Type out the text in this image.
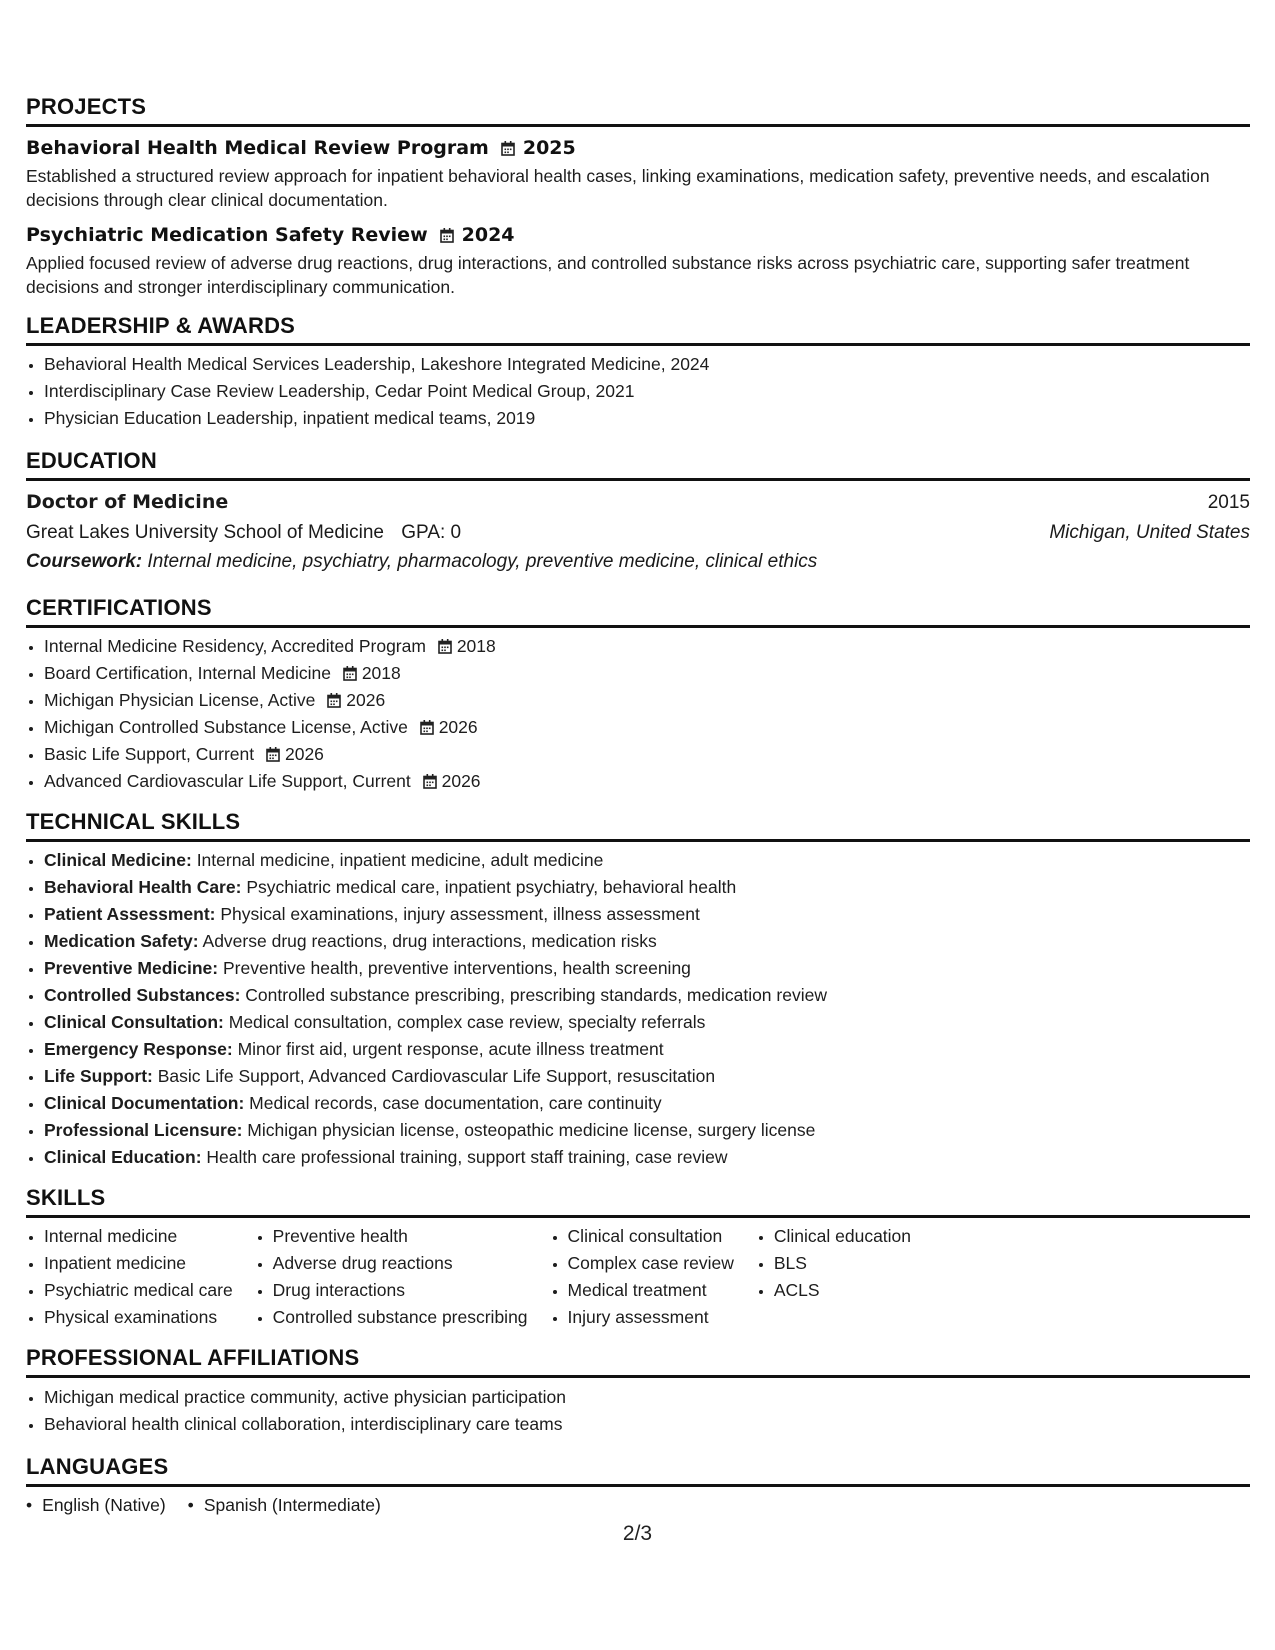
PROJECTS
Behavioral Health Medical Review Program 2025

Established a structured review approach for inpatient behavioral health cases, linking examinations, medication safety, preventive needs, and escalation decisions through clear clinical documentation.

Psychiatric Medication Safety Review 2024

Applied focused review of adverse drug reactions, drug interactions, and controlled substance risks across psychiatric care, supporting safer treatment decisions and stronger interdisciplinary communication.

LEADERSHIP & AWARDS
• Behavioral Health Medical Services Leadership, Lakeshore Integrated Medicine, 2024
• Interdisciplinary Case Review Leadership, Cedar Point Medical Group, 2021
• Physician Education Leadership, inpatient medical teams, 2019
EDUCATION
Doctor of Medicine	2015
Great Lakes University School of Medicine GPA: 0	Michigan, United States
Coursework: Internal medicine, psychiatry, pharmacology, preventive medicine, clinical ethics
CERTIFICATIONS
• Internal Medicine Residency, Accredited Program 2018
• Board Certification, Internal Medicine 2018
• Michigan Physician License, Active 2026
• Michigan Controlled Substance License, Active 2026
• Basic Life Support, Current 2026
• Advanced Cardiovascular Life Support, Current 2026
TECHNICAL SKILLS
• Clinical Medicine: Internal medicine, inpatient medicine, adult medicine
• Behavioral Health Care: Psychiatric medical care, inpatient psychiatry, behavioral health
• Patient Assessment: Physical examinations, injury assessment, illness assessment
• Medication Safety: Adverse drug reactions, drug interactions, medication risks
• Preventive Medicine: Preventive health, preventive interventions, health screening
• Controlled Substances: Controlled substance prescribing, prescribing standards, medication review
• Clinical Consultation: Medical consultation, complex case review, specialty referrals
• Emergency Response: Minor first aid, urgent response, acute illness treatment
• Life Support: Basic Life Support, Advanced Cardiovascular Life Support, resuscitation
• Clinical Documentation: Medical records, case documentation, care continuity
• Professional Licensure: Michigan physician license, osteopathic medicine license, surgery license
• Clinical Education: Health care professional training, support staff training, case review
SKILLS
• Internal medicine
• Inpatient medicine
• Psychiatric medical care
• Physical examinations
• Preventive health
• Adverse drug reactions
• Drug interactions
• Controlled substance prescribing
• Clinical consultation
• Complex case review
• Medical treatment
• Injury assessment
• Clinical education
• BLS
• ACLS
PROFESSIONAL AFFILIATIONS
• Michigan medical practice community, active physician participation
• Behavioral health clinical collaboration, interdisciplinary care teams
LANGUAGES
• English (Native)
•	Spanish (Intermediate)
2/3
